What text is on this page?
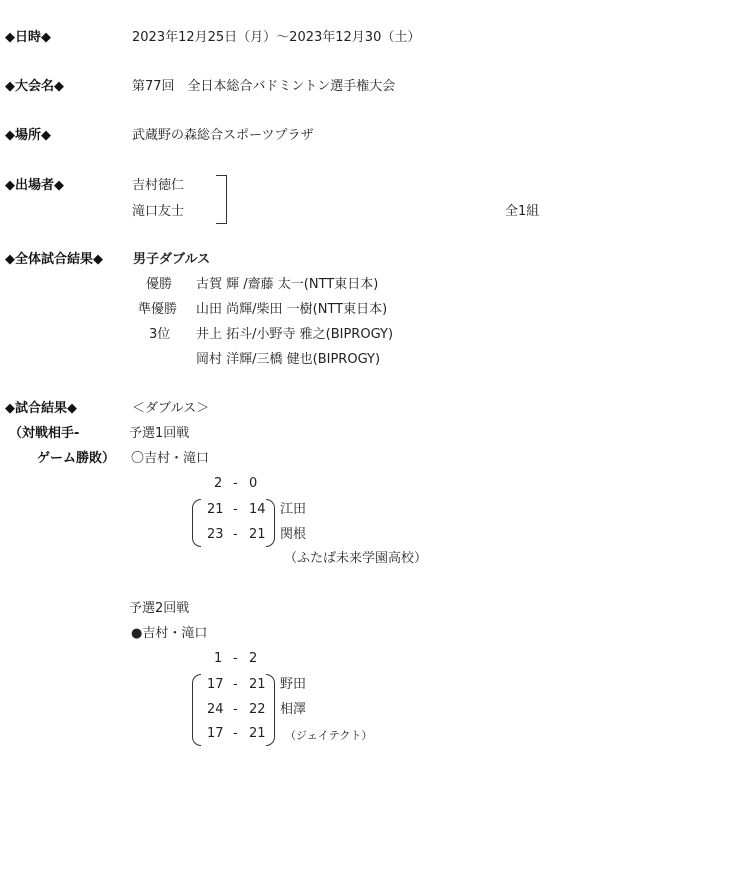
◆日時◆	2023年12月25日（月）～2023年12月30（土）
◆大会名◆	第77回　全日本総合バドミントン選手権大会
◆場所◆	武蔵野の森総合スポーツプラザ
◆出場者◆	吉村徳仁
滝口友士	全1組
◆全体試合結果◆ 男子ダブルス
優勝 古賀 輝 /齋藤 太一(NTT東日本)
準優勝 山田 尚輝/柴田 一樹(NTT東日本)
3位 井上 拓斗/小野寺 雅之(BIPROGY)
岡村 洋輝/三橋 健也(BIPROGY)
◆試合結果◆
（対戦相手-
ゲーム勝敗）
＜ダブルス＞
予選1回戦
〇吉村・滝口
2 - 0
21 - 14 江田
23 - 21 関根
（ふたば未来学園高校）
予選2回戦
●吉村・滝口
1 - 2
17 - 21 野田
24 - 22 相澤
17 - 21 （ジェイテクト）
